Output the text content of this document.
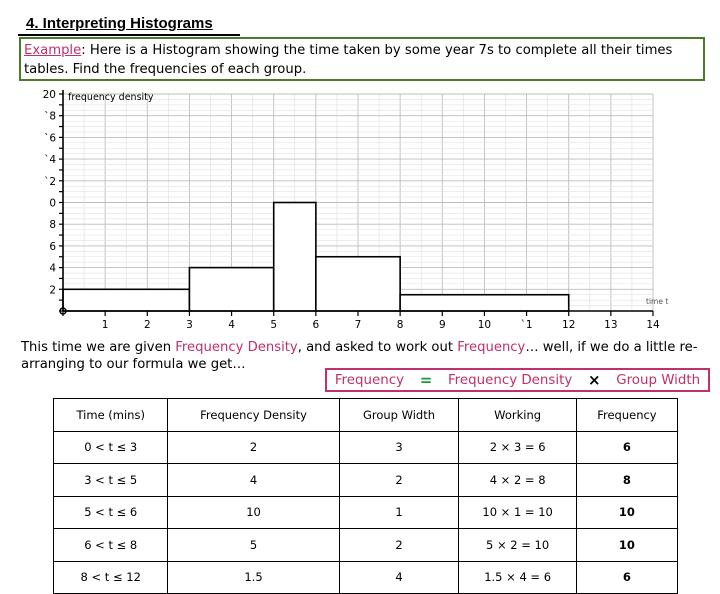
4. Interpreting Histograms
Example: Here is a Histogram showing the time taken by some year 7s to complete all their times tables. Find the frequencies of each group.
20
`8
`6
`4
`2
0
8
6
4
2
1	2	3	4	5	6	7	8	9	10	`1	12	13	14
frequency density
time t
This time we are given Frequency Density, and asked to work out Frequency… well, if we do a little re-arranging to our formula we get…
Frequency = Frequency Density × Group Width
Time (mins)	Frequency Density	Group Width	Working	Frequency
0 < t ≤ 3	2	3	2 × 3 = 6	6
3 < t ≤ 5	4	2	4 × 2 = 8	8
5 < t ≤ 6	10	1	10 × 1 = 10	10
6 < t ≤ 8	5	2	5 × 2 = 10	10
8 < t ≤ 12	1.5	4	1.5 × 4 = 6	6
